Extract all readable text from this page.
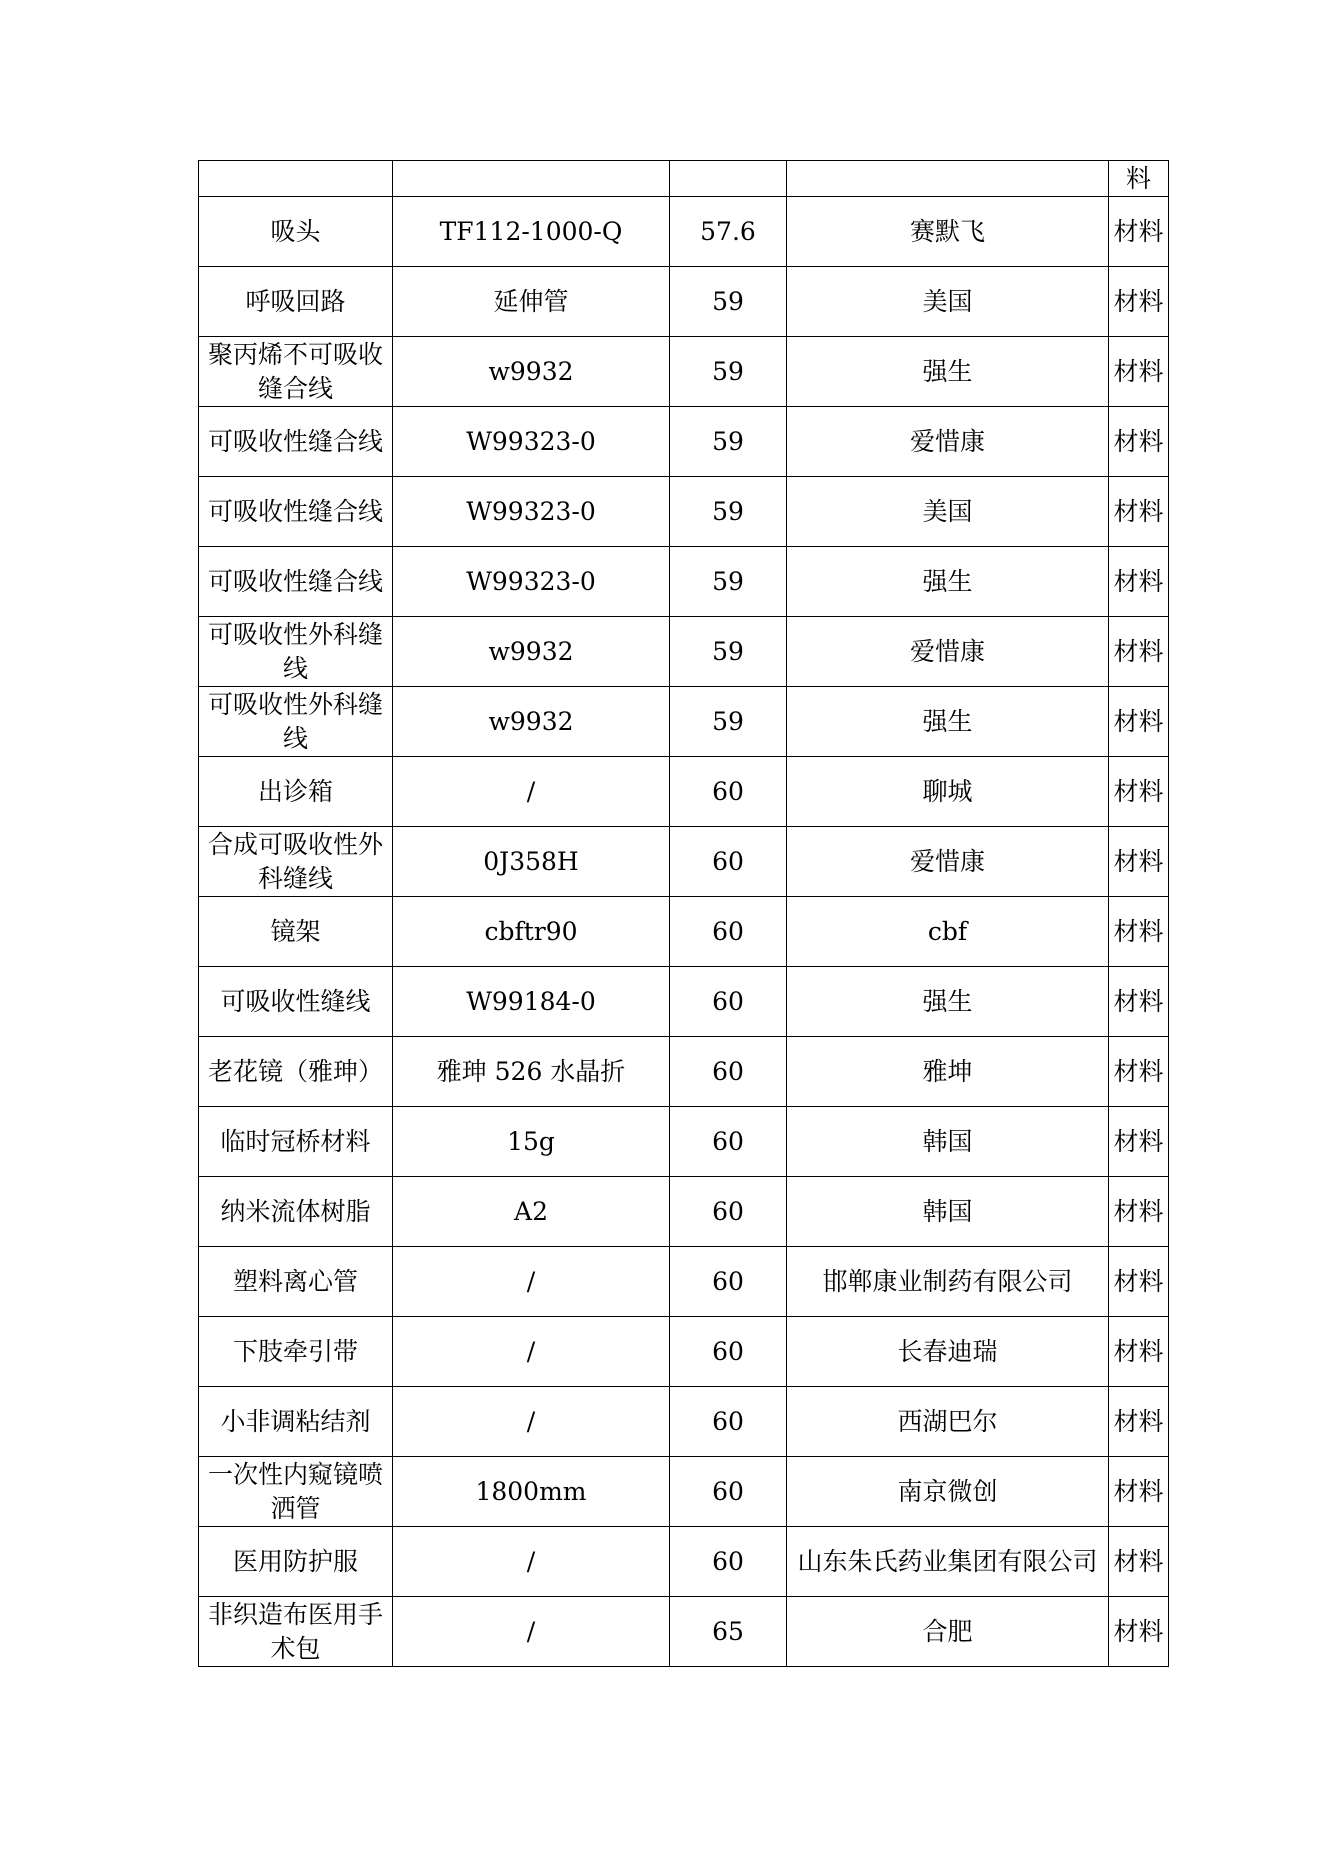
				料
吸头	TF112-1000-Q	57.6	赛默飞	材料
呼吸回路	延伸管	59	美国	材料
聚丙烯不可吸收缝合线	w9932	59	强生	材料
可吸收性缝合线	W99323-0	59	爱惜康	材料
可吸收性缝合线	W99323-0	59	美国	材料
可吸收性缝合线	W99323-0	59	强生	材料
可吸收性外科缝线	w9932	59	爱惜康	材料
可吸收性外科缝线	w9932	59	强生	材料
出诊箱	/	60	聊城	材料
合成可吸收性外科缝线	0J358H	60	爱惜康	材料
镜架	cbftr90	60	cbf	材料
可吸收性缝线	W99184-0	60	强生	材料
老花镜（雅珅）	雅珅 526 水晶折	60	雅坤	材料
临时冠桥材料	15g	60	韩国	材料
纳米流体树脂	A2	60	韩国	材料
塑料离心管	/	60	邯郸康业制药有限公司	材料
下肢牵引带	/	60	长春迪瑞	材料
小非调粘结剂	/	60	西湖巴尔	材料
一次性内窥镜喷洒管	1800mm	60	南京微创	材料
医用防护服	/	60	山东朱氏药业集团有限公司	材料
非织造布医用手术包	/	65	合肥	材料
